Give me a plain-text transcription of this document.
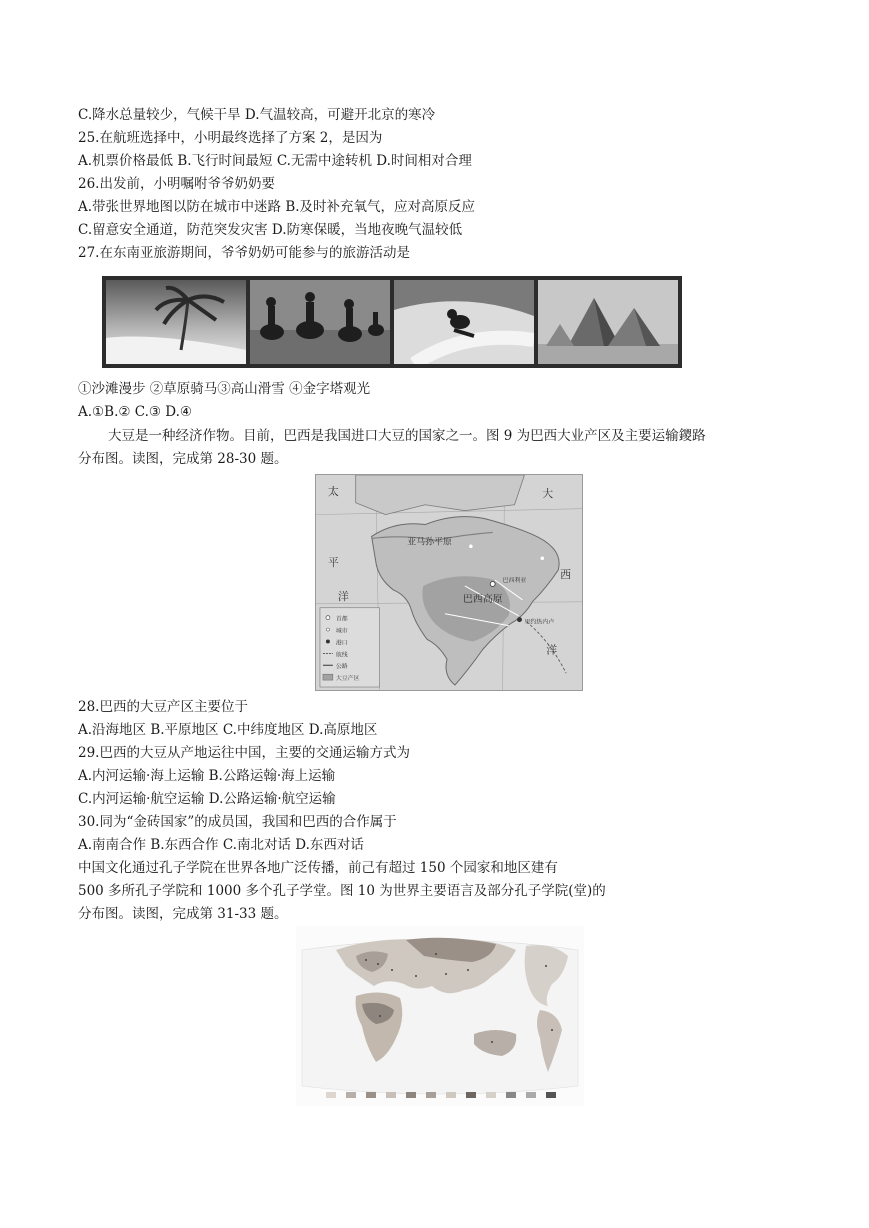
C.降水总量较少，气候干旱 D.气温较高，可避开北京的寒冷
25.在航班选择中，小明最终选择了方案 2，是因为
A.机票价格最低 B.飞行时间最短 C.无需中途转机 D.时间相对合理
26.出发前，小明嘱咐爷爷奶奶要
A.带张世界地图以防在城市中迷路 B.及时补充氧气，应对高原反应
C.留意安全通道，防范突发灾害 D.防寒保暖，当地夜晚气温较低
27.在东南亚旅游期间，爷爷奶奶可能参与的旅游活动是
①沙滩漫步 ②草原骑马③高山滑雪 ④金字塔观光
A.①B.② C.③ D.④
大豆是一种经济作物。目前，巴西是我国进口大豆的国家之一。图 9 为巴西大业产区及主要运输鑁路
分布图。读图，完成第 28-30 题。
太
平
洋
大
西
洋
亚马孙平原
巴西高原
巴西利亚
里约热内卢
首都
城市
港口
航线
公路
大豆产区
28.巴西的大豆产区主要位于
A.沿海地区 B.平原地区 C.中纬度地区 D.高原地区
29.巴西的大豆从产地运往中国，主要的交通运输方式为
A.内河运输·海上运输 B.公路运翰·海上运输
C.内河运输·航空运输 D.公路运输·航空运输
30.同为“金砖国家”的成员国，我国和巴西的合作属于
A.南南合作 B.东西合作 C.南北对话 D.东西对话
中国文化通过孔子学院在世界各地广泛传播，前己有超过 150 个园家和地区建有
500 多所孔子学院和 1000 多个孔子学堂。图 10 为世界主要语言及部分孔子学院(堂)的
分布图。读图，完成第 31-33 题。
